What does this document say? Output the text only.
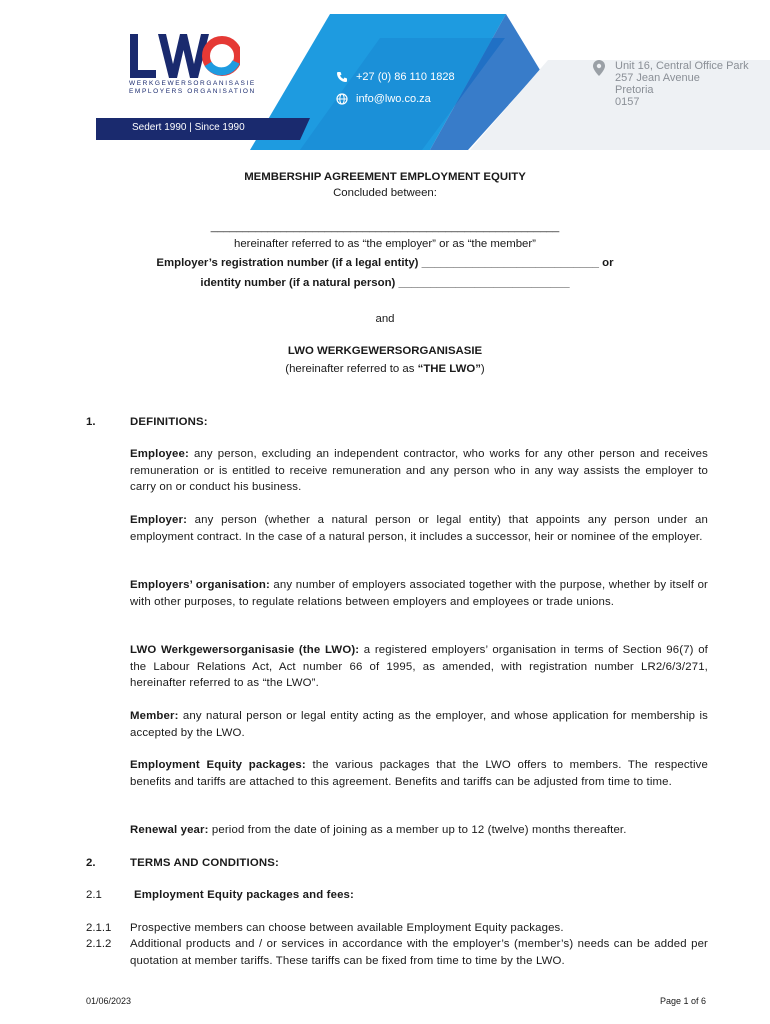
Sedert 1990 | Since 1990
WERKGEWERSORGANISASIE
EMPLOYERS ORGANISATION
+27 (0) 86 110 1828
info@lwo.co.za
Unit 16, Central Office Park
257 Jean Avenue
Pretoria
0157
MEMBERSHIP AGREEMENT EMPLOYMENT EQUITY
Concluded between:
_______________________________________________________
hereinafter referred to as “the employer” or as “the member”
Employer’s registration number (if a legal entity) ____________________________ or
identity number (if a natural person) ___________________________
and
LWO WERKGEWERSORGANISASIE
(hereinafter referred to as “THE LWO”)
1.	DEFINITIONS:
Employee: any person, excluding an independent contractor, who works for any other person and receives remuneration or is entitled to receive remuneration and any person who in any way assists the employer to carry on or conduct his business.
Employer: any person (whether a natural person or legal entity) that appoints any person under an employment contract. In the case of a natural person, it includes a successor, heir or nominee of the employer.
Employers’ organisation: any number of employers associated together with the purpose, whether by itself or with other purposes, to regulate relations between employers and employees or trade unions.
LWO Werkgewersorganisasie (the LWO): a registered employers’ organisation in terms of Section 96(7) of the Labour Relations Act, Act number 66 of 1995, as amended, with registration number LR2/6/3/271, hereinafter referred to as “the LWO”.
Member: any natural person or legal entity acting as the employer, and whose application for membership is accepted by the LWO.
Employment Equity packages: the various packages that the LWO offers to members. The respective benefits and tariffs are attached to this agreement. Benefits and tariffs can be adjusted from time to time.
Renewal year: period from the date of joining as a member up to 12 (twelve) months thereafter.
2.	TERMS AND CONDITIONS:
2.1	Employment Equity packages and fees:
2.1.1 Prospective members can choose between available Employment Equity packages.
2.1.2 Additional products and / or services in accordance with the employer’s (member’s) needs can be added per quotation at member tariffs. These tariffs can be fixed from time to time by the LWO.
01/06/2023	Page 1 of 6
